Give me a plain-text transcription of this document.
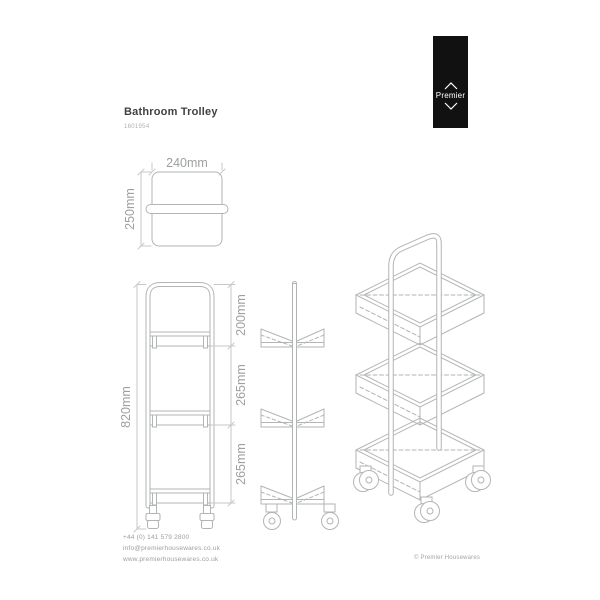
Premier
Bathroom Trolley
1601954
240mm
250mm
820mm
200mm
265mm
265mm
+44 (0) 141 579 2800
info@premierhousewares.co.uk
www.premierhousewares.co.uk	© Premier Housewares
